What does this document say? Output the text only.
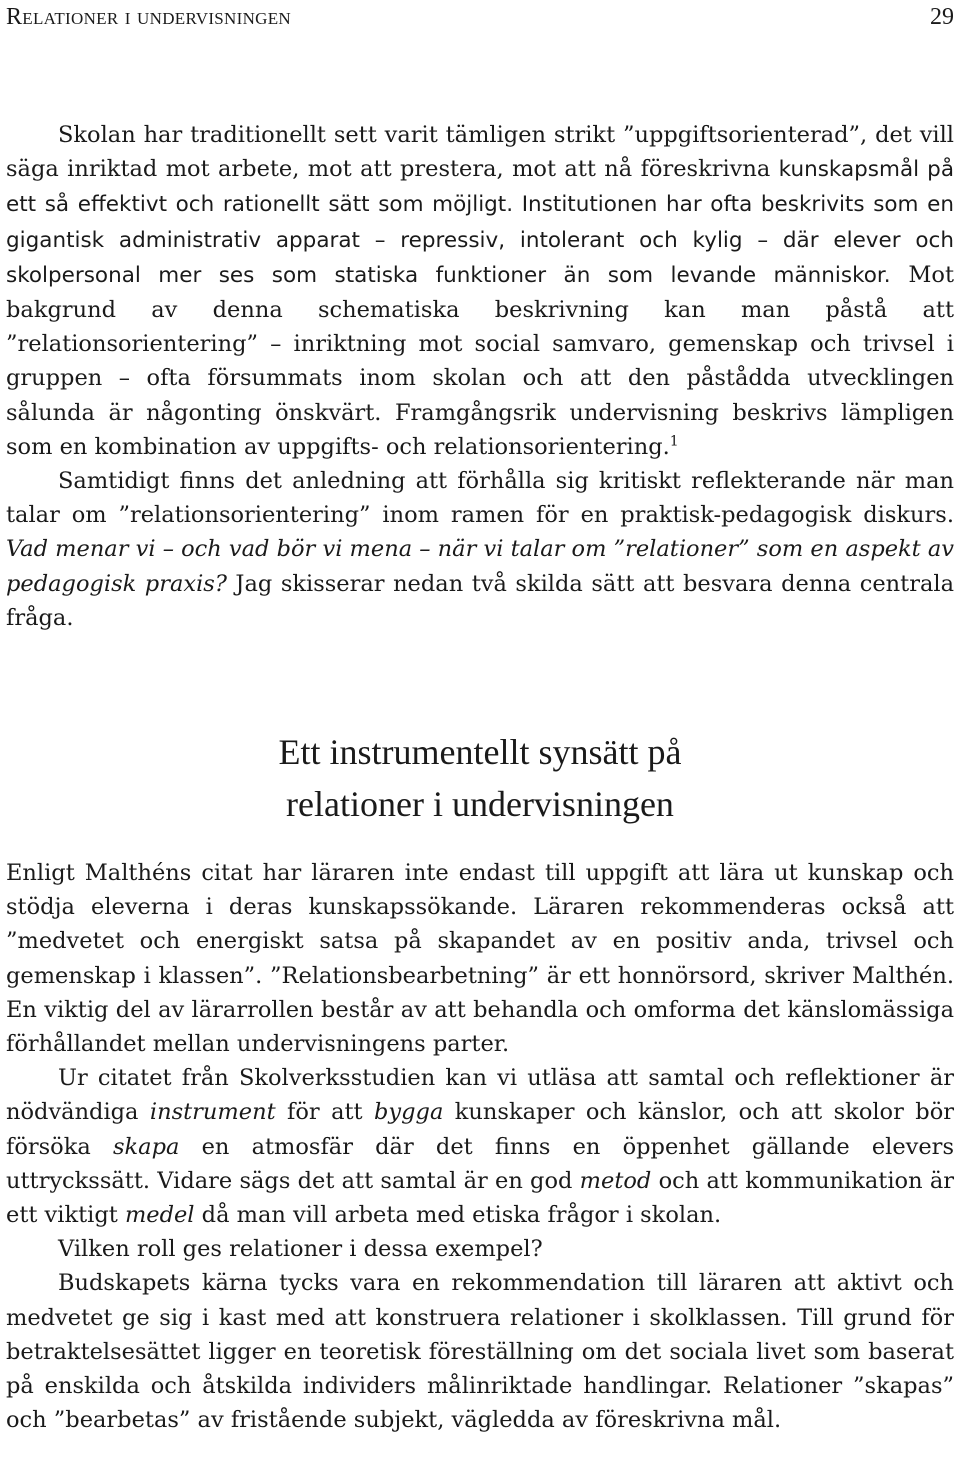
Relationer i undervisningen	29

Skolan har traditionellt sett varit tämligen strikt ”uppgiftsorienterad”, det vill säga inriktad mot arbete, mot att prestera, mot att nå föreskrivna kunskapsmål på ett så effektivt och rationellt sätt som möjligt. Institutionen har ofta beskrivits som en gigantisk administrativ apparat – repressiv, intolerant och kylig – där elever och skolpersonal mer ses som statiska funktioner än som levande människor. Mot bakgrund av denna schematiska beskrivning kan man påstå att ”relationsorientering” – inriktning mot social samvaro, gemenskap och trivsel i gruppen – ofta försummats inom skolan och att den påstådda utvecklingen sålunda är någonting önskvärt. Framgångsrik undervisning beskrivs lämpligen som en kombination av uppgifts- och relationsorientering.$^1$

Samtidigt finns det anledning att förhålla sig kritiskt reflekterande när man talar om ”relationsorientering” inom ramen för en praktisk-pedagogisk diskurs. Vad menar vi – och vad bör vi mena – när vi talar om ”relationer” som en aspekt av pedagogisk praxis? Jag skisserar nedan två skilda sätt att besvara denna centrala fråga.

Ett instrumentellt synsätt på
relationer i undervisningen

Enligt Malthéns citat har läraren inte endast till uppgift att lära ut kunskap och stödja eleverna i deras kunskapssökande. Läraren rekommenderas också att ”medvetet och energiskt satsa på skapandet av en positiv anda, trivsel och gemenskap i klassen”. ”Relationsbearbetning” är ett honnörsord, skriver Malthén. En viktig del av lärarrollen består av att behandla och omforma det känslomässiga förhållandet mellan undervisningens parter.

Ur citatet från Skolverksstudien kan vi utläsa att samtal och reflektioner är nödvändiga instrument för att bygga kunskaper och känslor, och att skolor bör försöka skapa en atmosfär där det finns en öppenhet gällande elevers uttryckssätt. Vidare sägs det att samtal är en god metod och att kommunikation är ett viktigt medel då man vill arbeta med etiska frågor i skolan.

Vilken roll ges relationer i dessa exempel?

Budskapets kärna tycks vara en rekommendation till läraren att aktivt och medvetet ge sig i kast med att konstruera relationer i skolklassen. Till grund för betraktelsesättet ligger en teoretisk föreställning om det sociala livet som baserat på enskilda och åtskilda individers målinriktade handlingar. Relationer ”skapas” och ”bearbetas” av fristående subjekt, vägledda av föreskrivna mål.
